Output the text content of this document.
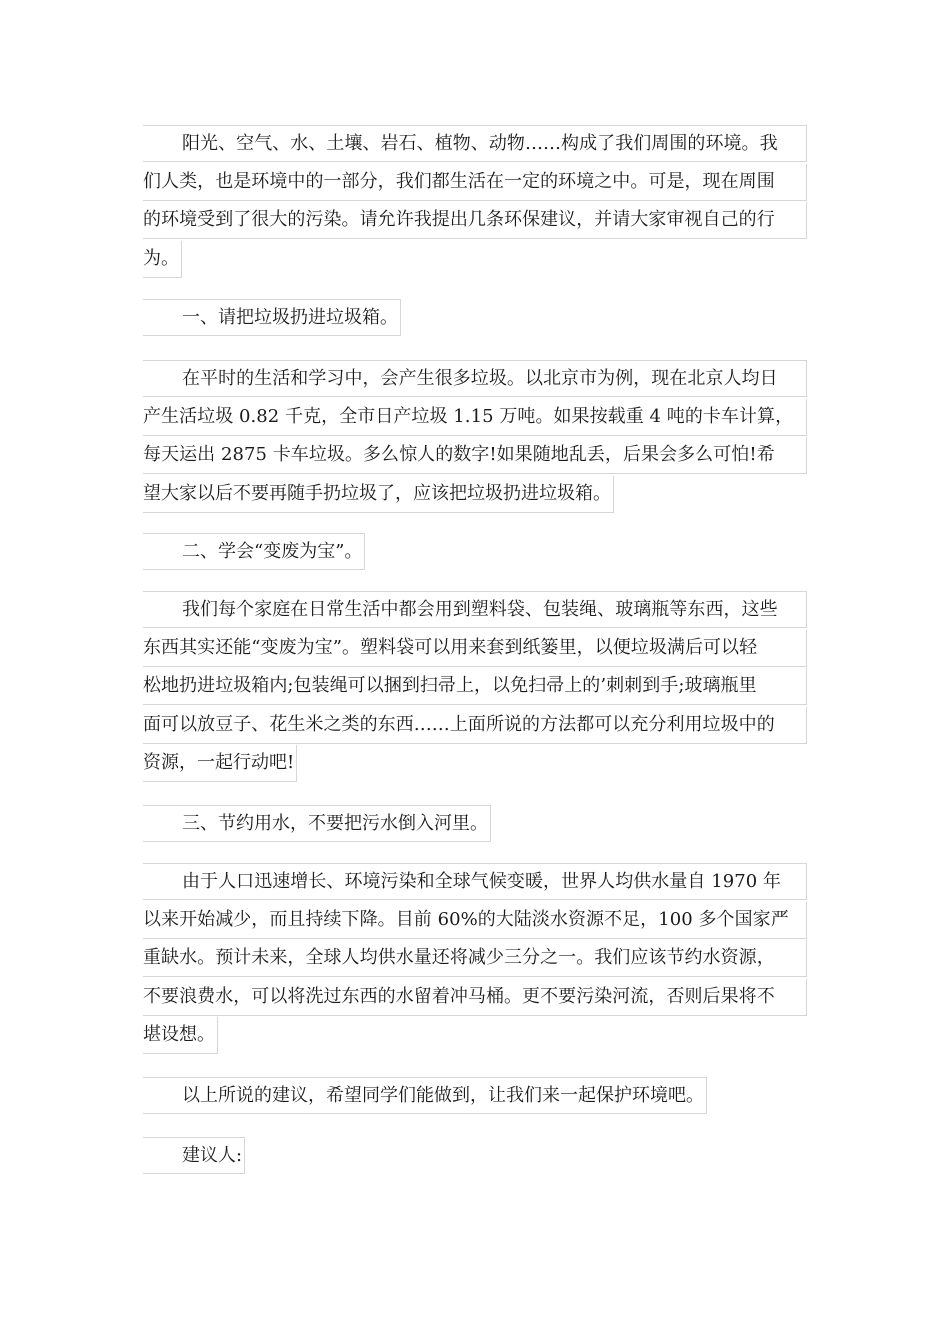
阳光、空气、水、土壤、岩石、植物、动物……构成了我们周围的环境。我
们人类，也是环境中的一部分，我们都生活在一定的环境之中。可是，现在周围
的环境受到了很大的污染。请允许我提出几条环保建议，并请大家审视自己的行
为。
一、请把垃圾扔进垃圾箱。
在平时的生活和学习中，会产生很多垃圾。以北京市为例，现在北京人均日
产生活垃圾 0.82 千克，全市日产垃圾 1.15 万吨。如果按载重 4 吨的卡车计算，
每天运出 2875 卡车垃圾。多么惊人的数字!如果随地乱丢，后果会多么可怕!希
望大家以后不要再随手扔垃圾了，应该把垃圾扔进垃圾箱。
二、学会“变废为宝”。
我们每个家庭在日常生活中都会用到塑料袋、包装绳、玻璃瓶等东西，这些
东西其实还能“变废为宝”。塑料袋可以用来套到纸篓里，以便垃圾满后可以轻
松地扔进垃圾箱内;包装绳可以捆到扫帚上，以免扫帚上的’刺刺到手;玻璃瓶里
面可以放豆子、花生米之类的东西……上面所说的方法都可以充分利用垃圾中的
资源，一起行动吧!
三、节约用水，不要把污水倒入河里。
由于人口迅速增长、环境污染和全球气候变暖，世界人均供水量自 1970 年
以来开始减少，而且持续下降。目前 60%的大陆淡水资源不足，100 多个国家严
重缺水。预计未来，全球人均供水量还将减少三分之一。我们应该节约水资源，
不要浪费水，可以将洗过东西的水留着冲马桶。更不要污染河流，否则后果将不
堪设想。
以上所说的建议，希望同学们能做到，让我们来一起保护环境吧。
建议人:
